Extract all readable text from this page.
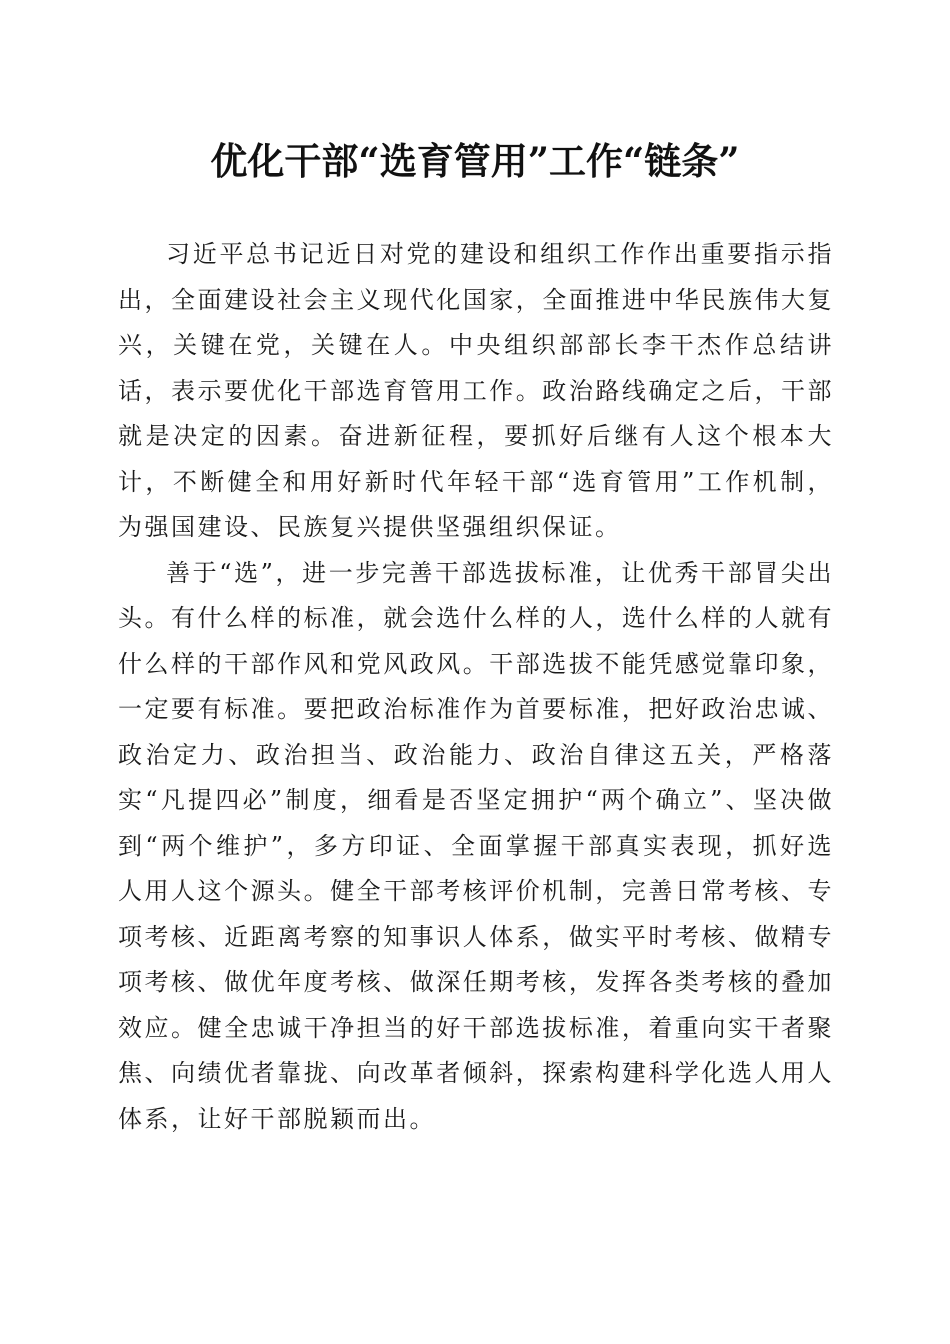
优化干部“选育管用”工作“链条”

习近平总书记近日对党的建设和组织工作作出重要指示指出，全面建设社会主义现代化国家，全面推进中华民族伟大复兴，关键在党，关键在人。中央组织部部长李干杰作总结讲话，表示要优化干部选育管用工作。政治路线确定之后，干部就是决定的因素。奋进新征程，要抓好后继有人这个根本大计，不断健全和用好新时代年轻干部“选育管用”工作机制，为强国建设、民族复兴提供坚强组织保证。

善于“选”，进一步完善干部选拔标准，让优秀干部冒尖出头。有什么样的标准，就会选什么样的人，选什么样的人就有什么样的干部作风和党风政风。干部选拔不能凭感觉靠印象，一定要有标准。要把政治标准作为首要标准，把好政治忠诚、政治定力、政治担当、政治能力、政治自律这五关，严格落实“凡提四必”制度，细看是否坚定拥护“两个确立”、坚决做到“两个维护”，多方印证、全面掌握干部真实表现，抓好选人用人这个源头。健全干部考核评价机制，完善日常考核、专项考核、近距离考察的知事识人体系，做实平时考核、做精专项考核、做优年度考核、做深任期考核，发挥各类考核的叠加效应。健全忠诚干净担当的好干部选拔标准，着重向实干者聚焦、向绩优者靠拢、向改革者倾斜，探索构建科学化选人用人体系，让好干部脱颖而出。
